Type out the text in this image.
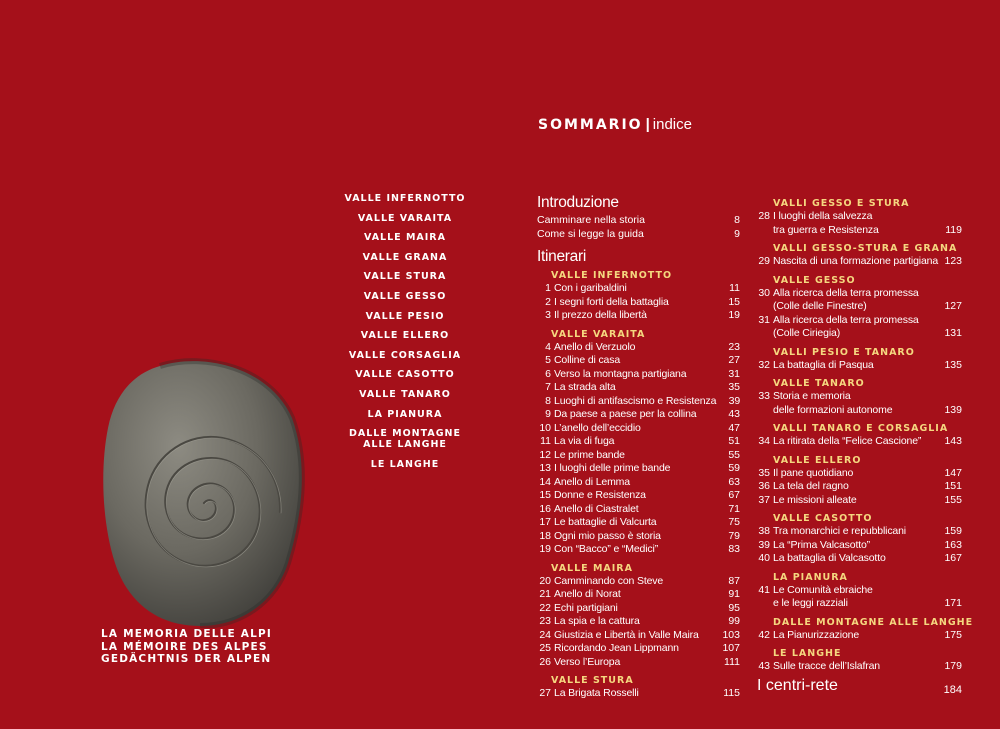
SOMMARIO | indice
VALLE INFERNOTTO
VALLE VARAITA
VALLE MAIRA
VALLE GRANA
VALLE STURA
VALLE GESSO
VALLE PESIO
VALLE ELLERO
VALLE CORSAGLIA
VALLE CASOTTO
VALLE TANARO
LA PIANURA
DALLE MONTAGNE
ALLE LANGHE
LE LANGHE
LA MEMORIA DELLE ALPI
LA MÉMOIRE DES ALPES
GEDÄCHTNIS DER ALPEN
Introduzione
Camminare nella storia	8
Come si legge la guida	9
Itinerari
VALLE INFERNOTTO
1 Con i garibaldini	11
2 I segni forti della battaglia	15
3 Il prezzo della libertà	19
VALLE VARAITA
4 Anello di Verzuolo	23
5 Colline di casa	27
6 Verso la montagna partigiana	31
7 La strada alta	35
8 Luoghi di antifascismo e Resistenza	39
9 Da paese a paese per la collina	43
10 L’anello dell’eccidio	47
11 La via di fuga	51
12 Le prime bande	55
13 I luoghi delle prime bande	59
14 Anello di Lemma	63
15 Donne e Resistenza	67
16 Anello di Ciastralet	71
17 Le battaglie di Valcurta	75
18 Ogni mio passo è storia	79
19 Con “Bacco” e “Medici”	83
VALLE MAIRA
20 Camminando con Steve	87
21 Anello di Norat	91
22 Echi partigiani	95
23 La spia e la cattura	99
24 Giustizia e Libertà in Valle Maira	103
25 Ricordando Jean Lippmann	107
26 Verso l’Europa	111
VALLE STURA
27 La Brigata Rosselli	115
VALLI GESSO E STURA
28 I luoghi della salvezza
tra guerra e Resistenza	119
VALLI GESSO-STURA E GRANA
29 Nascita di una formazione partigiana 123
VALLE GESSO
30 Alla ricerca della terra promessa
(Colle delle Finestre)	127
31 Alla ricerca della terra promessa
(Colle Ciriegia)	131
VALLI PESIO E TANARO
32 La battaglia di Pasqua	135
VALLE TANARO
33 Storia e memoria
delle formazioni autonome	139
VALLI TANARO E CORSAGLIA
34 La ritirata della “Felice Cascione”	143
VALLE ELLERO
35 Il pane quotidiano	147
36 La tela del ragno	151
37 Le missioni alleate	155
VALLE CASOTTO
38 Tra monarchici e repubblicani	159
39 La “Prima Valcasotto”	163
40 La battaglia di Valcasotto	167
LA PIANURA
41 Le Comunità ebraiche
e le leggi razziali	171
DALLE MONTAGNE ALLE LANGHE
42 La Pianurizzazione	175
LE LANGHE
43 Sulle tracce dell’Islafran	179
I centri-rete	184
